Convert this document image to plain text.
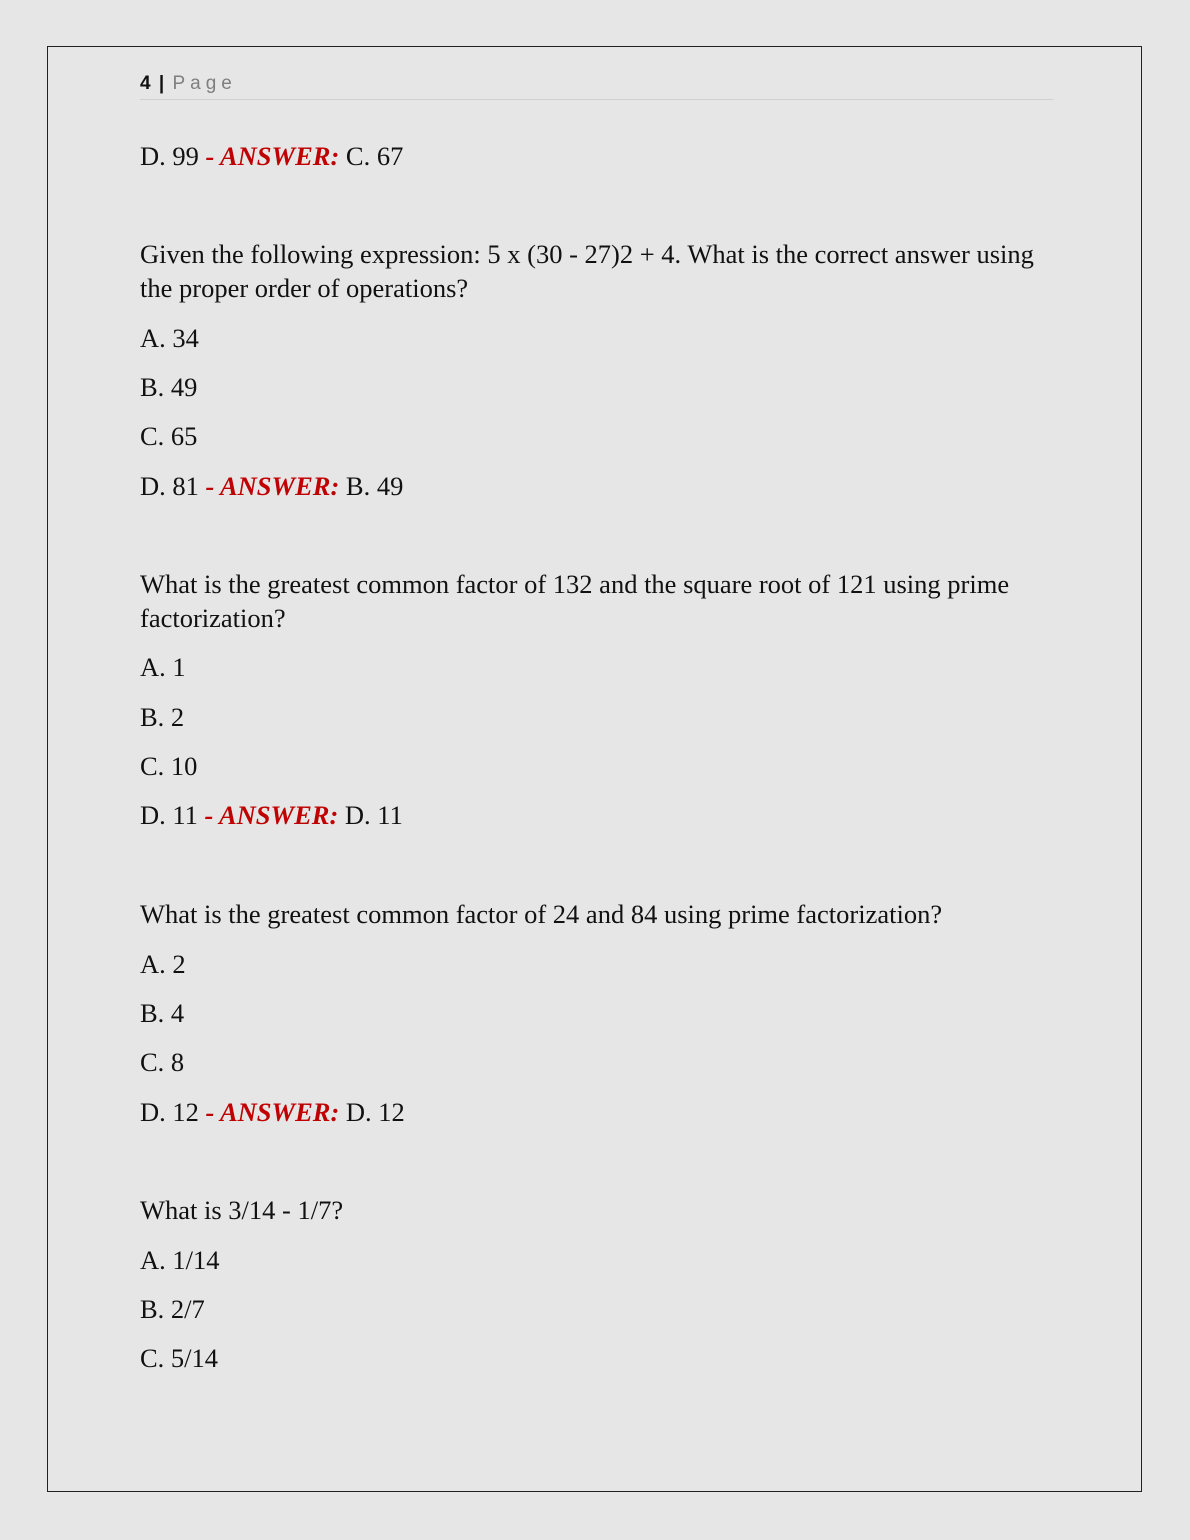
4 | Page
D. 99 - ANSWER: C. 67
Given the following expression: 5 x (30 - 27)2 + 4. What is the correct answer using the proper order of operations?
A. 34
B. 49
C. 65
D. 81 - ANSWER: B. 49
What is the greatest common factor of 132 and the square root of 121 using prime factorization?
A. 1
B. 2
C. 10
D. 11 - ANSWER: D. 11
What is the greatest common factor of 24 and 84 using prime factorization?
A. 2
B. 4
C. 8
D. 12 - ANSWER: D. 12
What is 3/14 - 1/7?
A. 1/14
B. 2/7
C. 5/14
